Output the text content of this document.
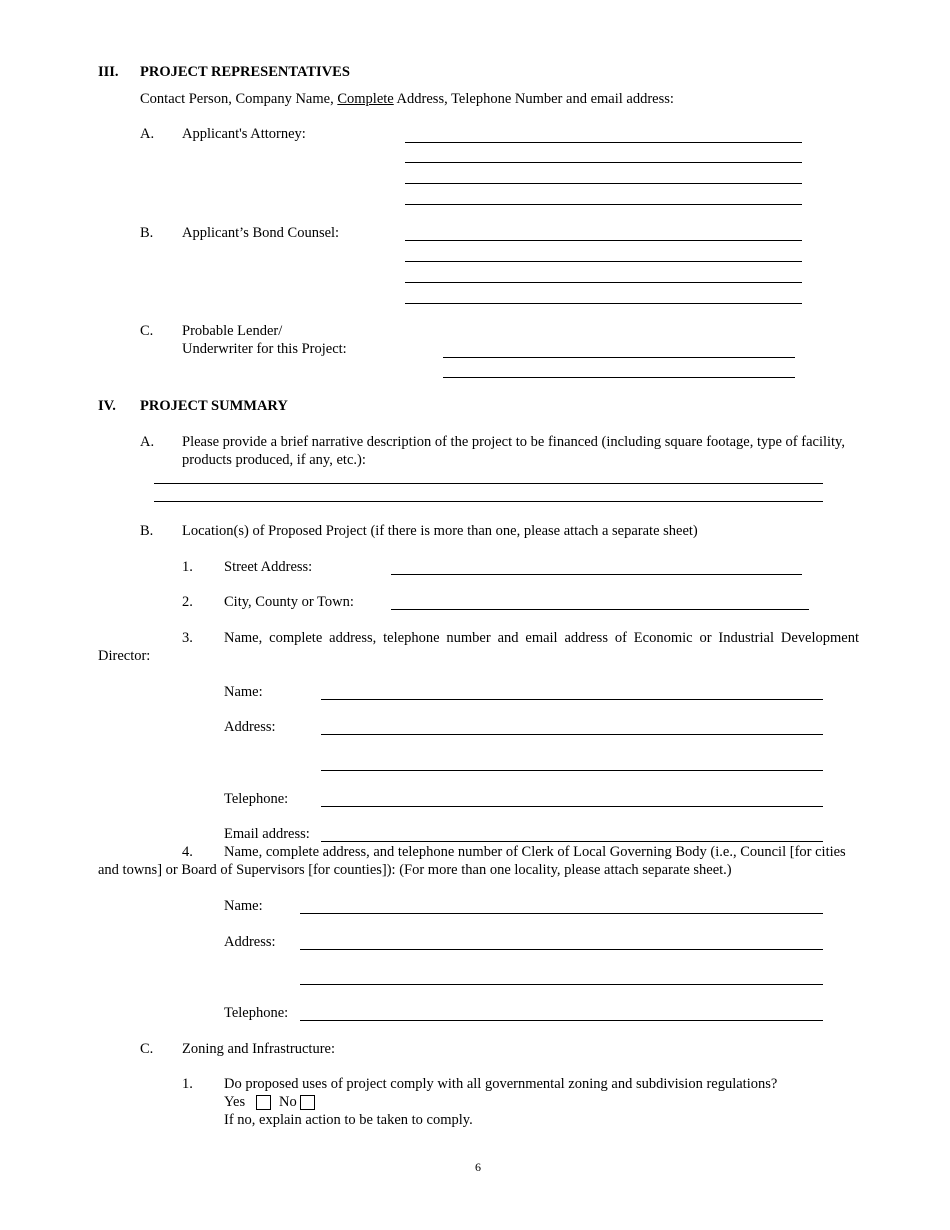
III. PROJECT REPRESENTATIVES
Contact Person, Company Name, Complete Address, Telephone Number and email address:
A. Applicant's Attorney:
B. Applicant’s Bond Counsel:
C. Probable Lender/
Underwriter for this Project:
IV. PROJECT SUMMARY
A. Please provide a brief narrative description of the project to be financed (including square footage, type of facility,
products produced, if any, etc.):
B. Location(s) of Proposed Project (if there is more than one, please attach a separate sheet)
1. Street Address:
2. City, County or Town:
3. Name, complete address, telephone number and email address of Economic or Industrial Development
Director:
Name:
Address:
Telephone:
Email address:
4. Name, complete address, and telephone number of Clerk of Local Governing Body (i.e., Council [for cities
and towns] or Board of Supervisors [for counties]): (For more than one locality, please attach separate sheet.)
Name:
Address:
Telephone:
C. Zoning and Infrastructure:
1. Do proposed uses of project comply with all governmental zoning and subdivision regulations?
Yes No
If no, explain action to be taken to comply.
6
